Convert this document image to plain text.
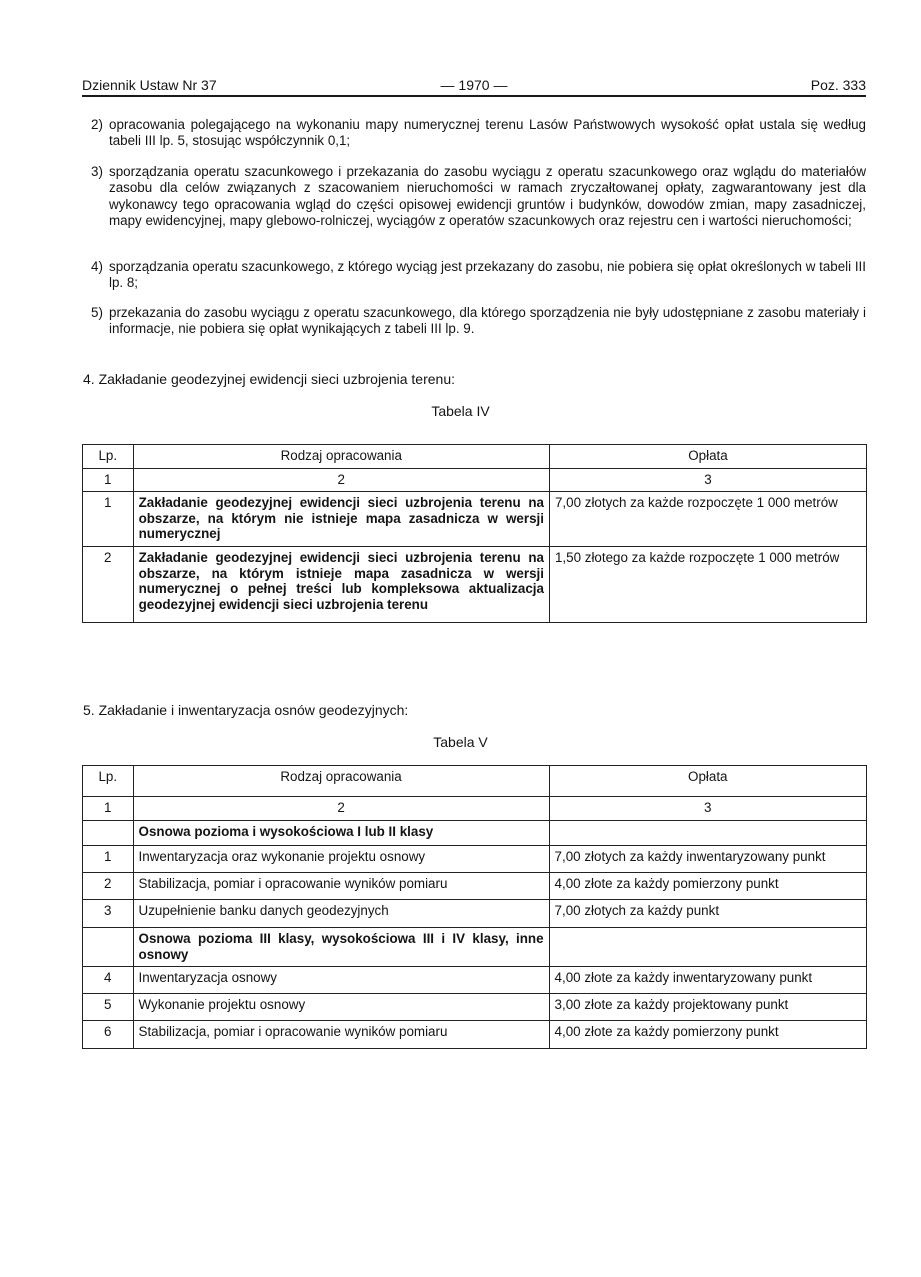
Dziennik Ustaw Nr 37	— 1970 —	Poz. 333
2) opracowania polegającego na wykonaniu mapy numerycznej terenu Lasów Państwowych wysokość opłat ustala się według tabeli III lp. 5, stosując współczynnik 0,1;
3) sporządzania operatu szacunkowego i przekazania do zasobu wyciągu z operatu szacunkowego oraz wglądu do materiałów zasobu dla celów związanych z szacowaniem nieruchomości w ramach zryczałtowanej opłaty, zagwarantowany jest dla wykonawcy tego opracowania wgląd do części opisowej ewidencji gruntów i budynków, dowodów zmian, mapy zasadniczej, mapy ewidencyjnej, mapy glebowo-rolniczej, wyciągów z operatów szacunkowych oraz rejestru cen i wartości nieruchomości;
4) sporządzania operatu szacunkowego, z którego wyciąg jest przekazany do zasobu, nie pobiera się opłat określonych w tabeli III lp. 8;
5) przekazania do zasobu wyciągu z operatu szacunkowego, dla którego sporządzenia nie były udostępniane z zasobu materiały i informacje, nie pobiera się opłat wynikających z tabeli III lp. 9.
4. Zakładanie geodezyjnej ewidencji sieci uzbrojenia terenu:
Tabela IV
Lp.	Rodzaj opracowania	Opłata
1	2	3
1	Zakładanie geodezyjnej ewidencji sieci uzbrojenia terenu na obszarze, na którym nie istnieje mapa zasadnicza w wersji numerycznej	7,00 złotych za każde rozpoczęte 1 000 metrów
2	Zakładanie geodezyjnej ewidencji sieci uzbrojenia terenu na obszarze, na którym istnieje mapa zasadnicza w wersji numerycznej o pełnej treści lub kompleksowa aktualizacja geodezyjnej ewidencji sieci uzbrojenia terenu	1,50 złotego za każde rozpoczęte 1 000 metrów
5. Zakładanie i inwentaryzacja osnów geodezyjnych:
Tabela V
Lp.	Rodzaj opracowania	Opłata
1	2	3
	Osnowa pozioma i wysokościowa I lub II klasy	
1	Inwentaryzacja oraz wykonanie projektu osnowy	7,00 złotych za każdy inwentaryzowany punkt
2	Stabilizacja, pomiar i opracowanie wyników pomiaru	4,00 złote za każdy pomierzony punkt
3	Uzupełnienie banku danych geodezyjnych	7,00 złotych za każdy punkt
	Osnowa pozioma III klasy, wysokościowa III i IV klasy, inne osnowy	
4	Inwentaryzacja osnowy	4,00 złote za każdy inwentaryzowany punkt
5	Wykonanie projektu osnowy	3,00 złote za każdy projektowany punkt
6	Stabilizacja, pomiar i opracowanie wyników pomiaru	4,00 złote za każdy pomierzony punkt
